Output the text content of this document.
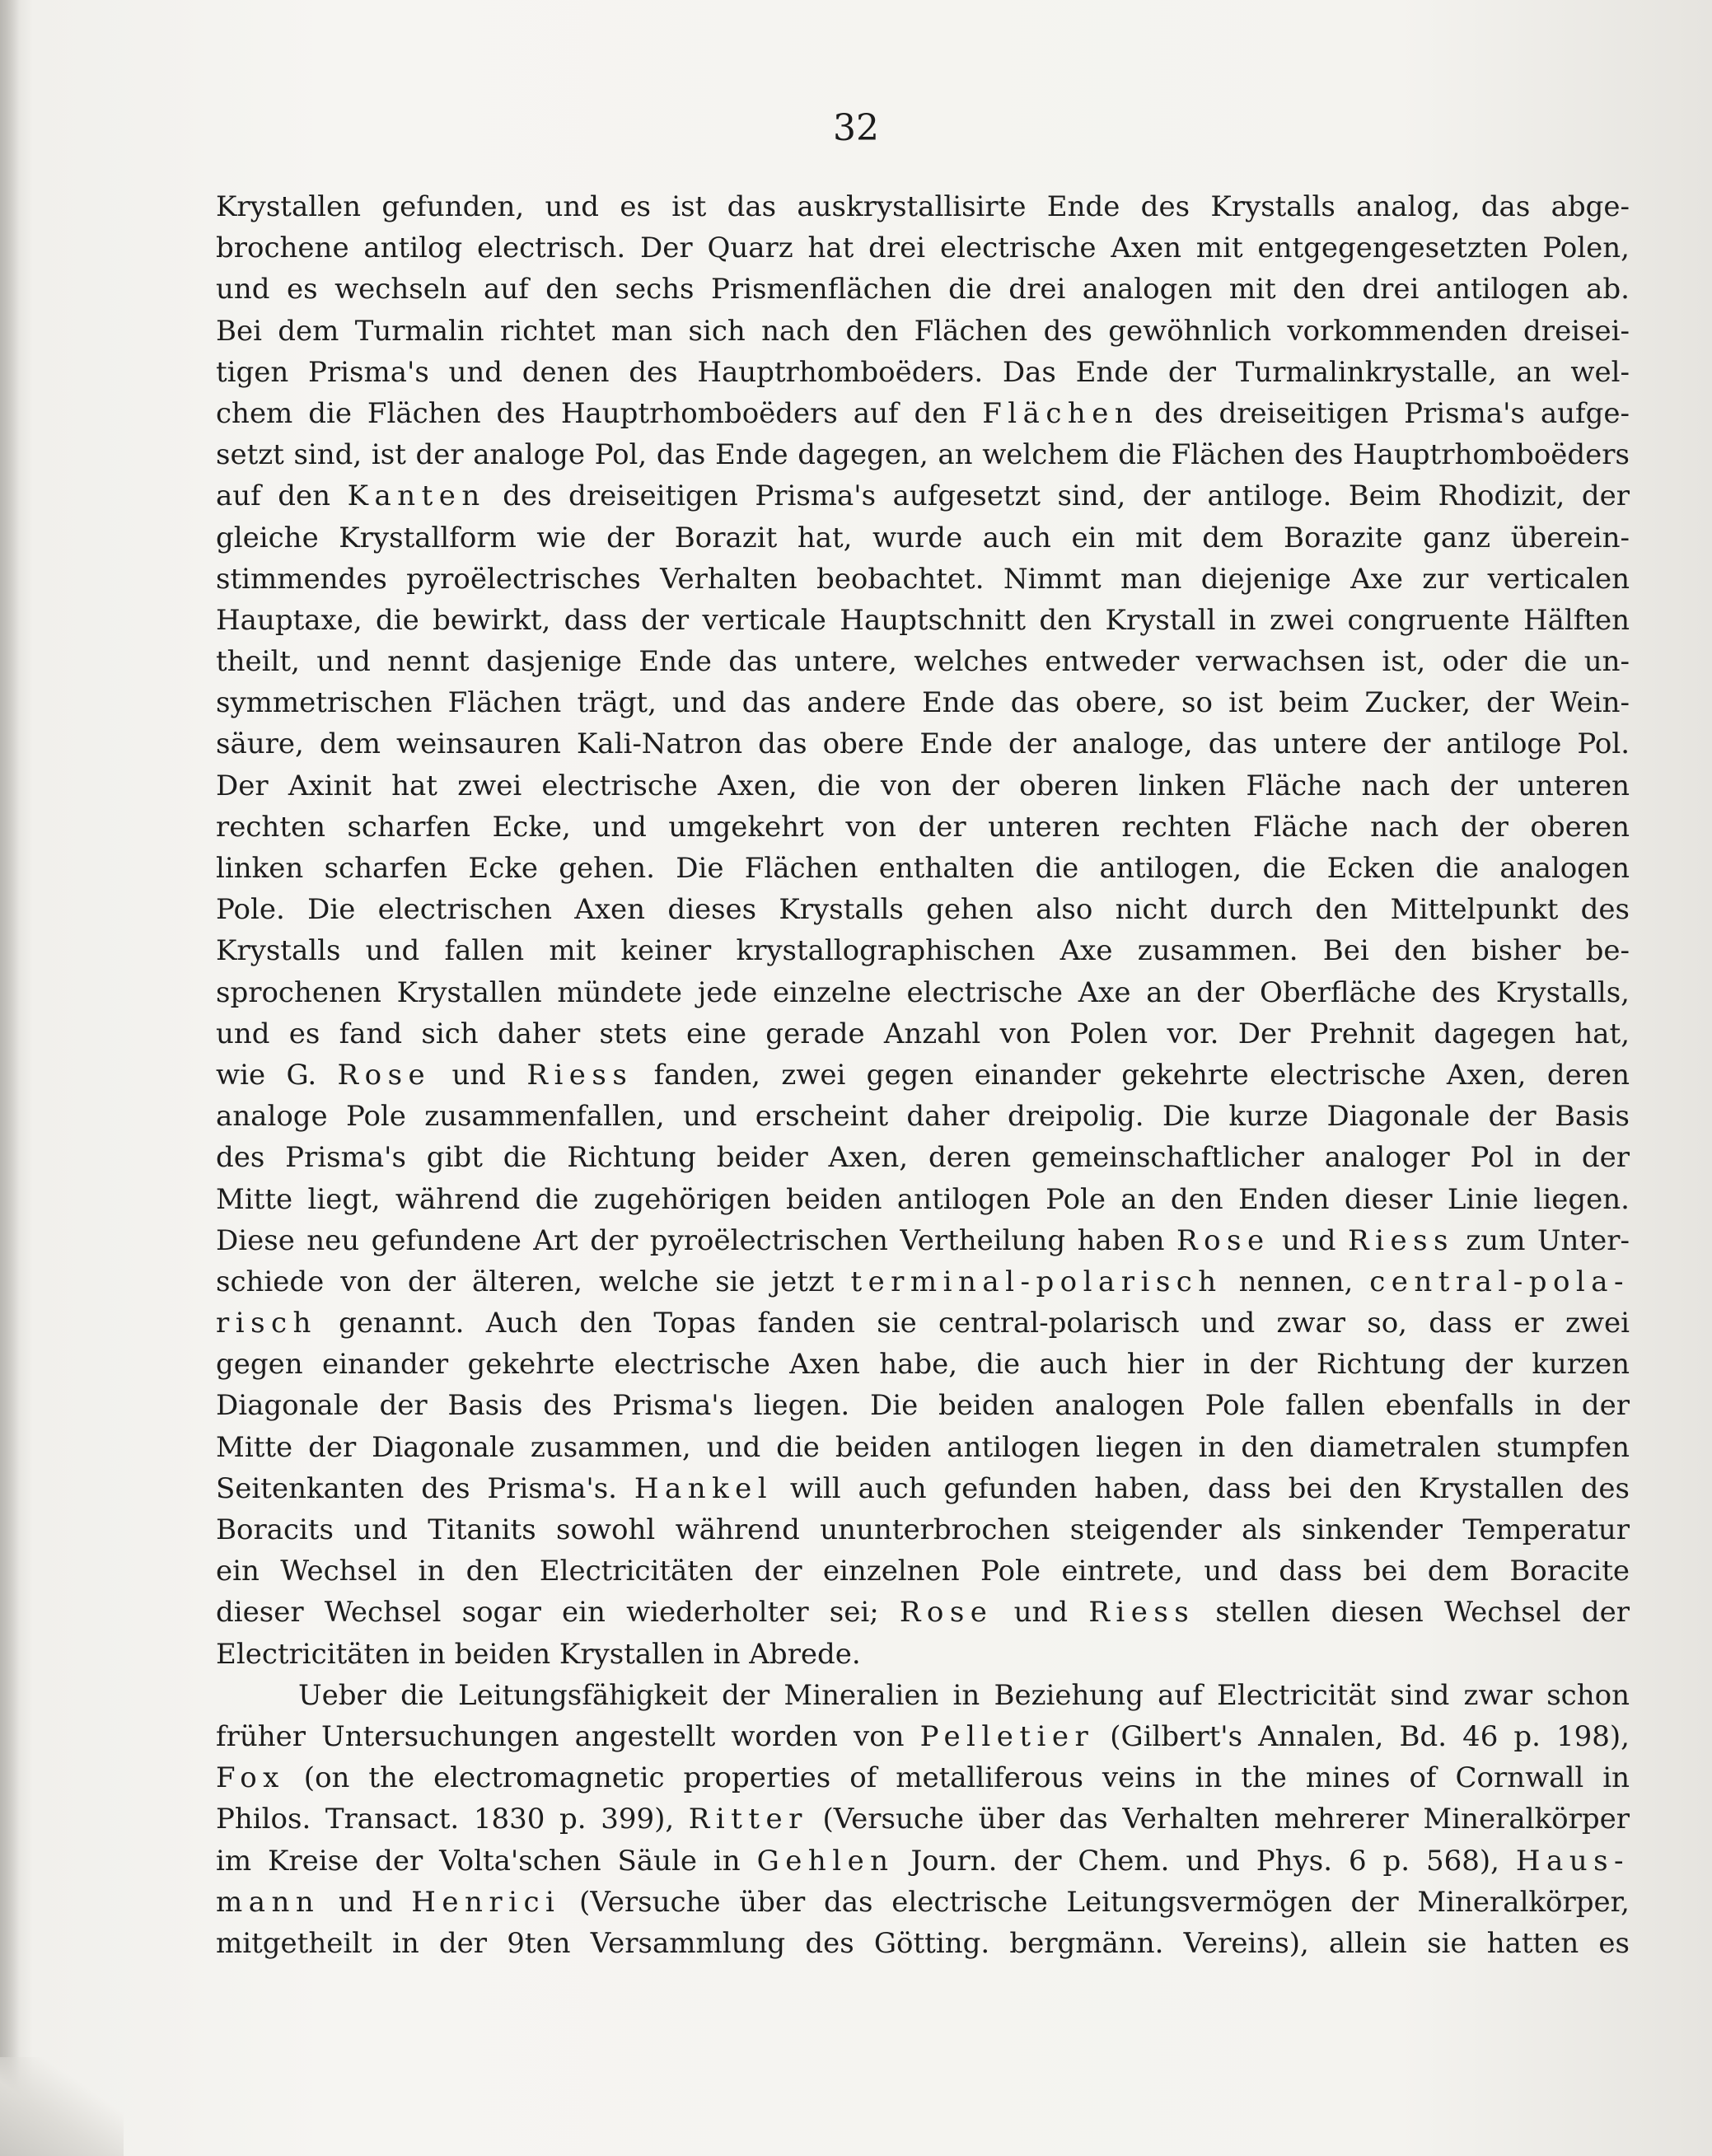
32
Krystallen gefunden, und es ist das auskrystallisirte Ende des Krystalls analog, das abge-
brochene antilog electrisch. Der Quarz hat drei electrische Axen mit entgegengesetzten Polen,
und es wechseln auf den sechs Prismenflächen die drei analogen mit den drei antilogen ab.
Bei dem Turmalin richtet man sich nach den Flächen des gewöhnlich vorkommenden dreisei-
tigen Prisma's und denen des Hauptrhomboëders. Das Ende der Turmalinkrystalle, an wel-
chem die Flächen des Hauptrhomboëders auf den Flächen des dreiseitigen Prisma's aufge-
setzt sind, ist der analoge Pol, das Ende dagegen, an welchem die Flächen des Hauptrhomboëders
auf den Kanten des dreiseitigen Prisma's aufgesetzt sind, der antiloge. Beim Rhodizit, der
gleiche Krystallform wie der Borazit hat, wurde auch ein mit dem Borazite ganz überein-
stimmendes pyroëlectrisches Verhalten beobachtet. Nimmt man diejenige Axe zur verticalen
Hauptaxe, die bewirkt, dass der verticale Hauptschnitt den Krystall in zwei congruente Hälften
theilt, und nennt dasjenige Ende das untere, welches entweder verwachsen ist, oder die un-
symmetrischen Flächen trägt, und das andere Ende das obere, so ist beim Zucker, der Wein-
säure, dem weinsauren Kali-Natron das obere Ende der analoge, das untere der antiloge Pol.
Der Axinit hat zwei electrische Axen, die von der oberen linken Fläche nach der unteren
rechten scharfen Ecke, und umgekehrt von der unteren rechten Fläche nach der oberen
linken scharfen Ecke gehen. Die Flächen enthalten die antilogen, die Ecken die analogen
Pole. Die electrischen Axen dieses Krystalls gehen also nicht durch den Mittelpunkt des
Krystalls und fallen mit keiner krystallographischen Axe zusammen. Bei den bisher be-
sprochenen Krystallen mündete jede einzelne electrische Axe an der Oberfläche des Krystalls,
und es fand sich daher stets eine gerade Anzahl von Polen vor. Der Prehnit dagegen hat,
wie G. Rose und Riess fanden, zwei gegen einander gekehrte electrische Axen, deren
analoge Pole zusammenfallen, und erscheint daher dreipolig. Die kurze Diagonale der Basis
des Prisma's gibt die Richtung beider Axen, deren gemeinschaftlicher analoger Pol in der
Mitte liegt, während die zugehörigen beiden antilogen Pole an den Enden dieser Linie liegen.
Diese neu gefundene Art der pyroëlectrischen Vertheilung haben Rose und Riess zum Unter-
schiede von der älteren, welche sie jetzt terminal-polarisch nennen, central-pola-
risch genannt. Auch den Topas fanden sie central-polarisch und zwar so, dass er zwei
gegen einander gekehrte electrische Axen habe, die auch hier in der Richtung der kurzen
Diagonale der Basis des Prisma's liegen. Die beiden analogen Pole fallen ebenfalls in der
Mitte der Diagonale zusammen, und die beiden antilogen liegen in den diametralen stumpfen
Seitenkanten des Prisma's. Hankel will auch gefunden haben, dass bei den Krystallen des
Boracits und Titanits sowohl während ununterbrochen steigender als sinkender Temperatur
ein Wechsel in den Electricitäten der einzelnen Pole eintrete, und dass bei dem Boracite
dieser Wechsel sogar ein wiederholter sei; Rose und Riess stellen diesen Wechsel der
Electricitäten in beiden Krystallen in Abrede.
Ueber die Leitungsfähigkeit der Mineralien in Beziehung auf Electricität sind zwar schon
früher Untersuchungen angestellt worden von Pelletier (Gilbert's Annalen, Bd. 46 p. 198),
Fox (on the electromagnetic properties of metalliferous veins in the mines of Cornwall in
Philos. Transact. 1830 p. 399), Ritter (Versuche über das Verhalten mehrerer Mineralkörper
im Kreise der Volta'schen Säule in Gehlen Journ. der Chem. und Phys. 6 p. 568), Haus-
mann und Henrici (Versuche über das electrische Leitungsvermögen der Mineralkörper,
mitgetheilt in der 9ten Versammlung des Götting. bergmänn. Vereins), allein sie hatten es
